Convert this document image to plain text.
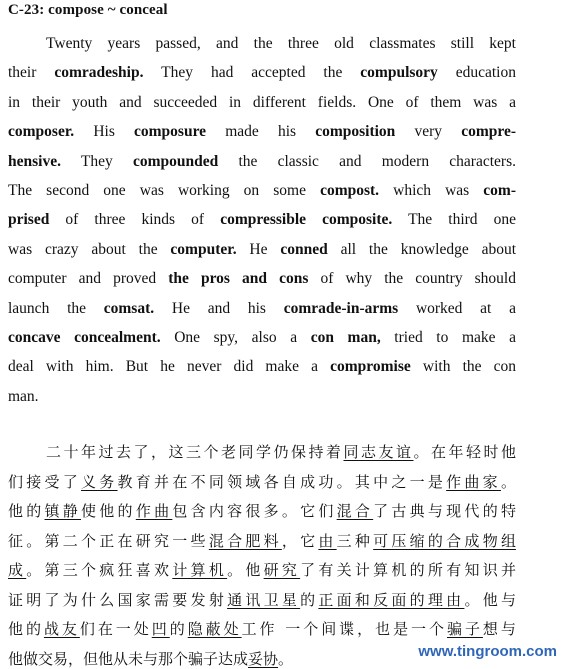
C-23: compose ~ conceal
Twenty years passed, and the three old classmates still kept
their comradeship. They had accepted the compulsory education
in their youth and succeeded in different fields. One of them was a
composer. His composure made his composition very compre-
hensive. They compounded the classic and modern characters.
The second one was working on some compost. which was com-
prised of three kinds of compressible composite. The third one
was crazy about the computer. He conned all the knowledge about
computer and proved the pros and cons of why the country should
launch the comsat. He and his comrade-in-arms worked at a
concave concealment. One spy, also a con man, tried to make a
deal with him. But he never did make a compromise with the con
man.
二十年过去了，这三个老同学仍保持着同志友谊。在年轻时他
们接受了义务教育并在不同领域各自成功。其中之一是作曲家。
他的镇静使他的作曲包含内容很多。它们混合了古典与现代的特
征。第二个正在研究一些混合肥料，它由三种可压缩的合成物组
成。第三个疯狂喜欢计算机。他研究了有关计算机的所有知识并
证明了为什么国家需要发射通讯卫星的正面和反面的理由。他与
他的战友们在一处凹的隐蔽处工作 一个间谍，也是一个骗子想与
他做交易，但他从未与那个骗子达成妥协。	www.tingroom.com
